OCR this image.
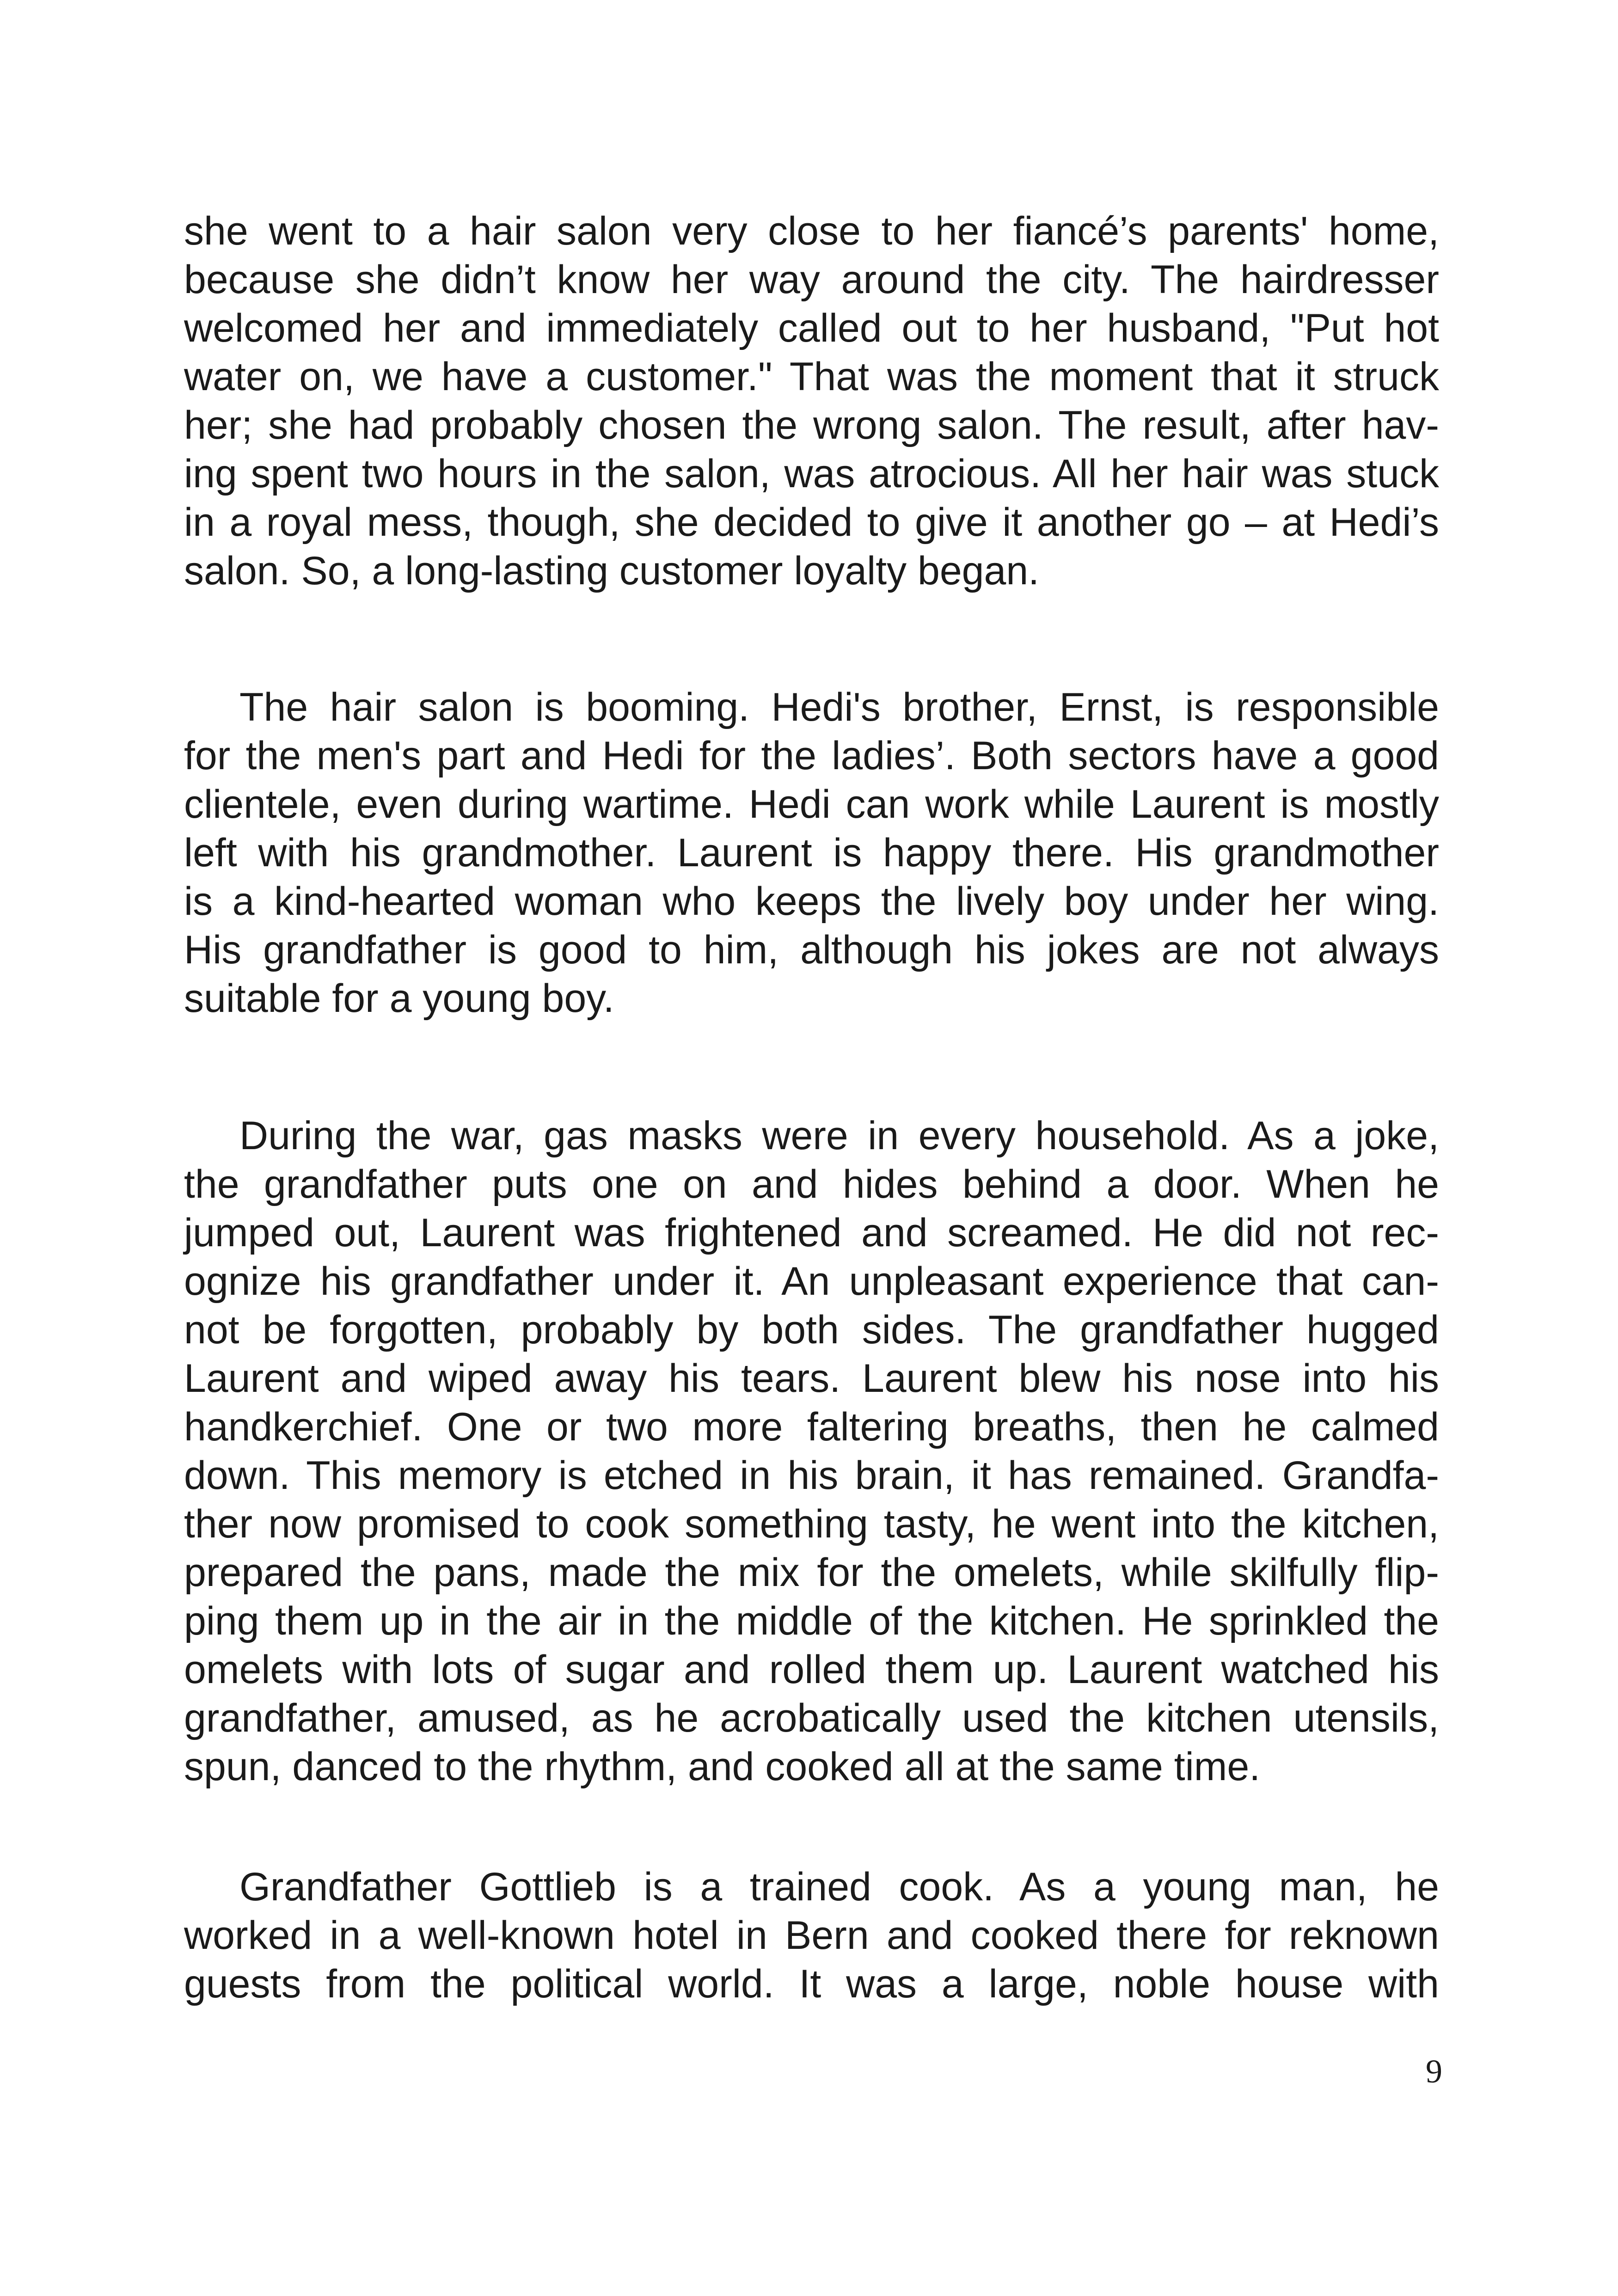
she went to a hair salon very close to her fiancé’s parents' home,
because she didn’t know her way around the city. The hairdresser
welcomed her and immediately called out to her husband, "Put hot
water on, we have a customer." That was the moment that it struck
her; she had probably chosen the wrong salon. The result, after hav-
ing spent two hours in the salon, was atrocious. All her hair was stuck
in a royal mess, though, she decided to give it another go – at Hedi’s
salon. So, a long-lasting customer loyalty began.
The hair salon is booming. Hedi's brother, Ernst, is responsible
for the men's part and Hedi for the ladies’. Both sectors have a good
clientele, even during wartime. Hedi can work while Laurent is mostly
left with his grandmother. Laurent is happy there. His grandmother
is a kind-hearted woman who keeps the lively boy under her wing.
His grandfather is good to him, although his jokes are not always
suitable for a young boy.
During the war, gas masks were in every household. As a joke,
the grandfather puts one on and hides behind a door. When he
jumped out, Laurent was frightened and screamed. He did not rec-
ognize his grandfather under it. An unpleasant experience that can-
not be forgotten, probably by both sides. The grandfather hugged
Laurent and wiped away his tears. Laurent blew his nose into his
handkerchief. One or two more faltering breaths, then he calmed
down. This memory is etched in his brain, it has remained. Grandfa-
ther now promised to cook something tasty, he went into the kitchen,
prepared the pans, made the mix for the omelets, while skilfully flip-
ping them up in the air in the middle of the kitchen. He sprinkled the
omelets with lots of sugar and rolled them up. Laurent watched his
grandfather, amused, as he acrobatically used the kitchen utensils,
spun, danced to the rhythm, and cooked all at the same time.
Grandfather Gottlieb is a trained cook. As a young man, he
worked in a well-known hotel in Bern and cooked there for reknown
guests from the political world. It was a large, noble house with
9
